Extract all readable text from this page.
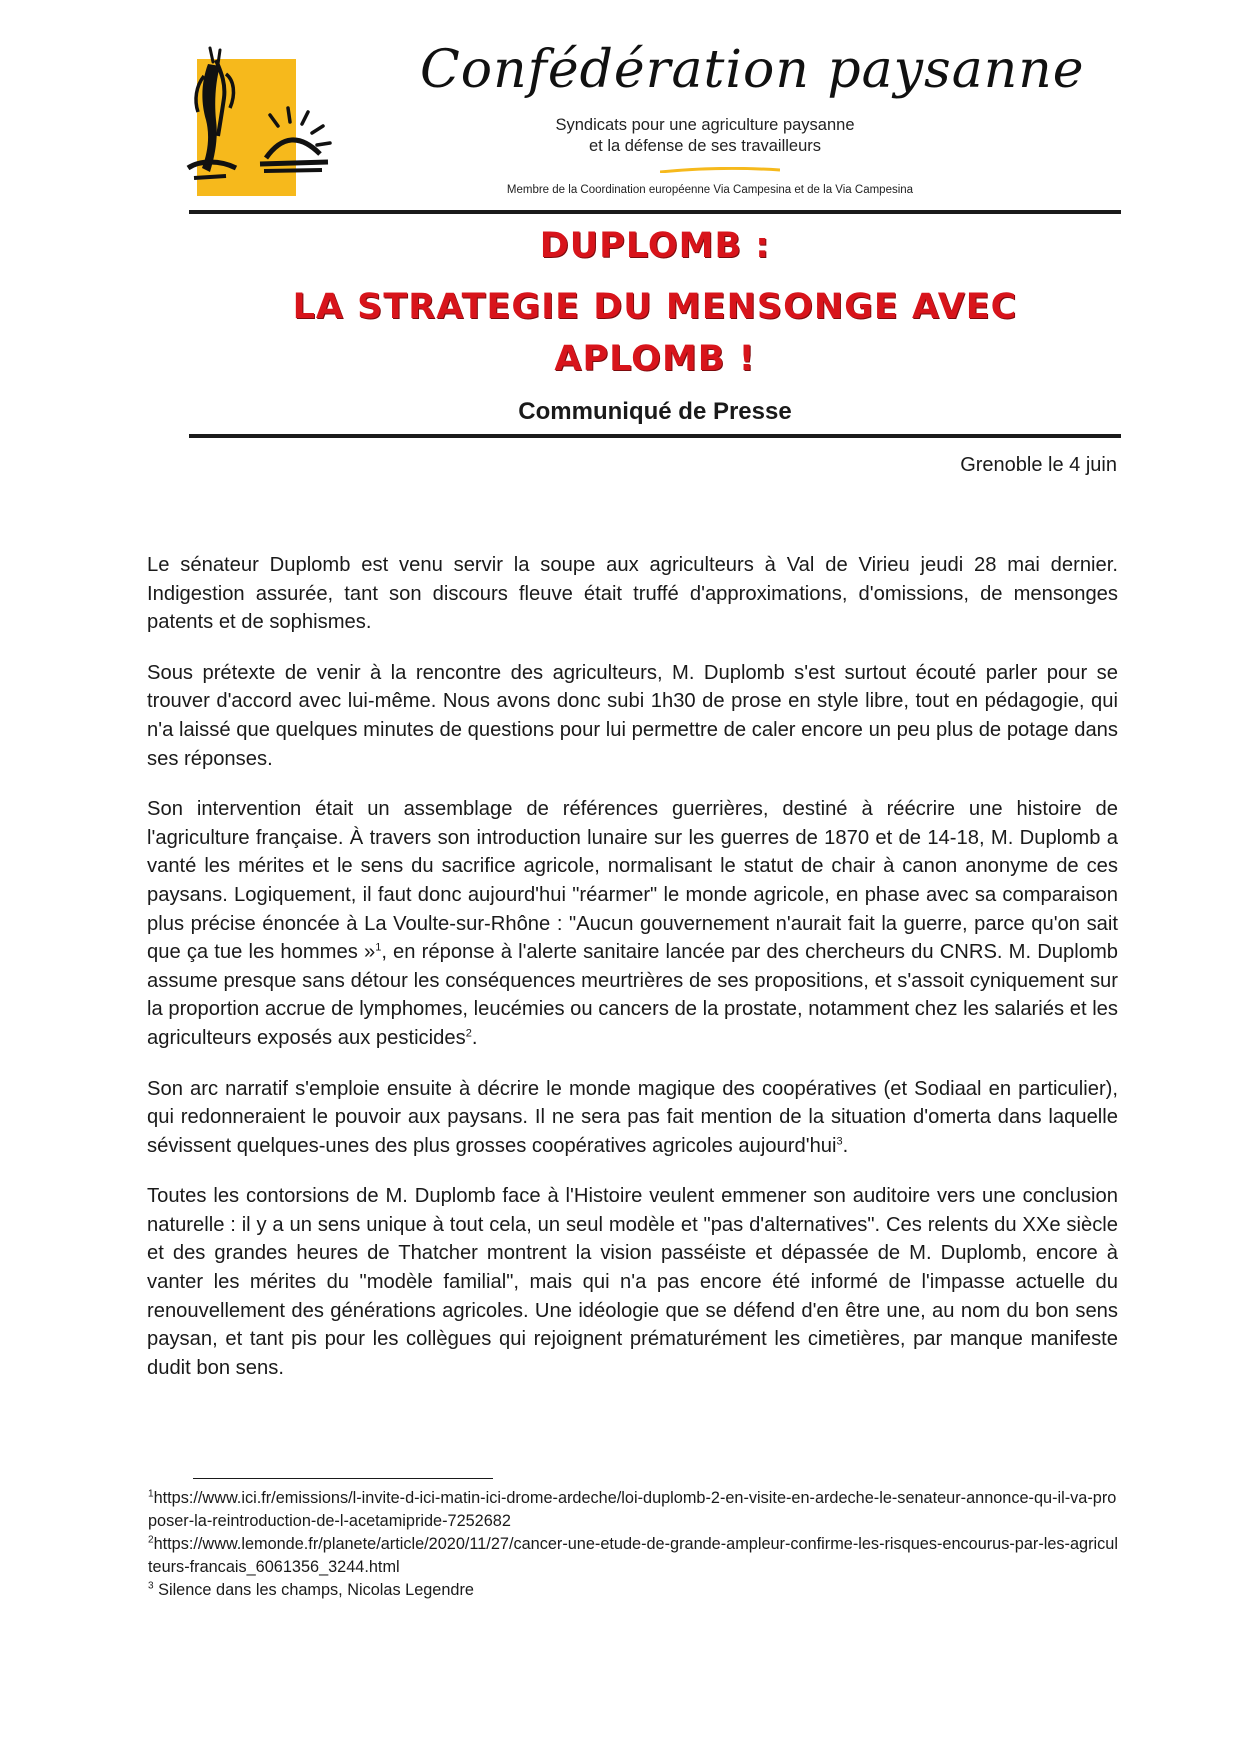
Confédération paysanne
Syndicats pour une agriculture paysanne
et la défense de ses travailleurs
Membre de la Coordination européenne Via Campesina et de la Via Campesina
DUPLOMB :
LA STRATEGIE DU MENSONGE AVEC
APLOMB !
Communiqué de Presse
Grenoble le 4 juin

Le sénateur Duplomb est venu servir la soupe aux agriculteurs à Val de Virieu jeudi 28 mai dernier. Indigestion assurée, tant son discours fleuve était truffé d'approximations, d'omissions, de mensonges patents et de sophismes.

Sous prétexte de venir à la rencontre des agriculteurs, M. Duplomb s'est surtout écouté parler pour se trouver d'accord avec lui-même. Nous avons donc subi 1h30 de prose en style libre, tout en pédagogie, qui n'a laissé que quelques minutes de questions pour lui permettre de caler encore un peu plus de potage dans ses réponses.

Son intervention était un assemblage de références guerrières, destiné à réécrire une histoire de l'agriculture française. À travers son introduction lunaire sur les guerres de 1870 et de 14-18, M. Duplomb a vanté les mérites et le sens du sacrifice agricole, normalisant le statut de chair à canon anonyme de ces paysans. Logiquement, il faut donc aujourd'hui "réarmer" le monde agricole, en phase avec sa comparaison plus précise énoncée à La Voulte-sur-Rhône : "Aucun gouvernement n'aurait fait la guerre, parce qu'on sait que ça tue les hommes »$^1$, en réponse à l'alerte sanitaire lancée par des chercheurs du CNRS. M. Duplomb assume presque sans détour les conséquences meurtrières de ses propositions, et s'assoit cyniquement sur la proportion accrue de lymphomes, leucémies ou cancers de la prostate, notamment chez les salariés et les agriculteurs exposés aux pesticides$^2$.

Son arc narratif s'emploie ensuite à décrire le monde magique des coopératives (et Sodiaal en particulier), qui redonneraient le pouvoir aux paysans. Il ne sera pas fait mention de la situation d'omerta dans laquelle sévissent quelques-unes des plus grosses coopératives agricoles aujourd'hui$^3$.

Toutes les contorsions de M. Duplomb face à l'Histoire veulent emmener son auditoire vers une conclusion naturelle : il y a un sens unique à tout cela, un seul modèle et "pas d'alternatives". Ces relents du XXe siècle et des grandes heures de Thatcher montrent la vision passéiste et dépassée de M. Duplomb, encore à vanter les mérites du "modèle familial", mais qui n'a pas encore été informé de l'impasse actuelle du renouvellement des générations agricoles. Une idéologie que se défend d'en être une, au nom du bon sens paysan, et tant pis pour les collègues qui rejoignent prématurément les cimetières, par manque manifeste dudit bon sens.

$^1$https://www.ici.fr/emissions/l-invite-d-ici-matin-ici-drome-ardeche/loi-duplomb-2-en-visite-en-ardeche-le-senateur-annonce-qu-il-va-proposer-la-reintroduction-de-l-acetamipride-7252682

$^2$https://www.lemonde.fr/planete/article/2020/11/27/cancer-une-etude-de-grande-ampleur-confirme-les-risques-encourus-par-les-agriculteurs-francais_6061356_3244.html

$^3$ Silence dans les champs, Nicolas Legendre
